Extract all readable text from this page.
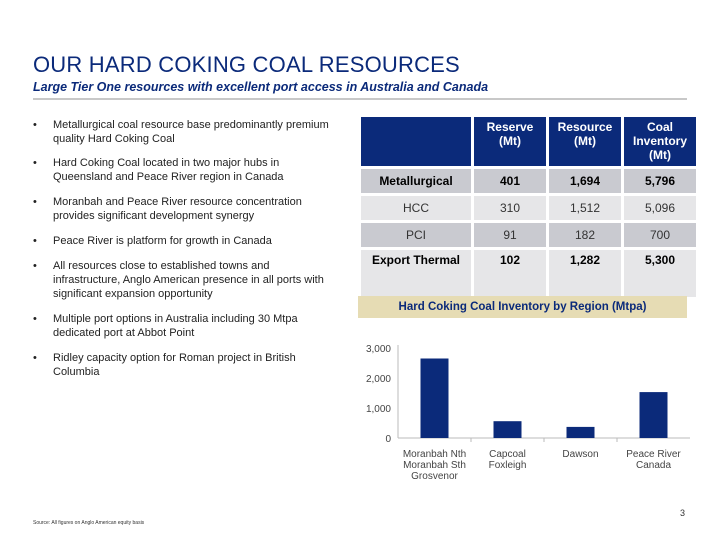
OUR HARD COKING COAL RESOURCES
Large Tier One resources with excellent port access in Australia and Canada
• Metallurgical coal resource base predominantly premium quality Hard Coking Coal
• Hard Coking Coal located in two major hubs in Queensland and Peace River region in Canada
• Moranbah and Peace River resource concentration provides significant development synergy
• Peace River is platform for growth in Canada
• All resources close to established towns and infrastructure, Anglo American presence in all ports with significant expansion opportunity
• Multiple port options in Australia including 30 Mtpa dedicated port at Abbot Point
• Ridley capacity option for Roman project in British Columbia
	Reserve (Mt)	Resource (Mt)	Coal Inventory (Mt)
Metallurgical	401	1,694	5,796
HCC	310	1,512	5,096
PCI	91	182	700
Export Thermal	102	1,282	5,300
Hard Coking Coal Inventory by Region (Mtpa)
0
1,000
2,000
3,000
Moranbah Nth
Moranbah Sth
Grosvenor
Capcoal
Foxleigh
Dawson	Peace River
Canada
Source: All figures on Anglo American equity basis
3
